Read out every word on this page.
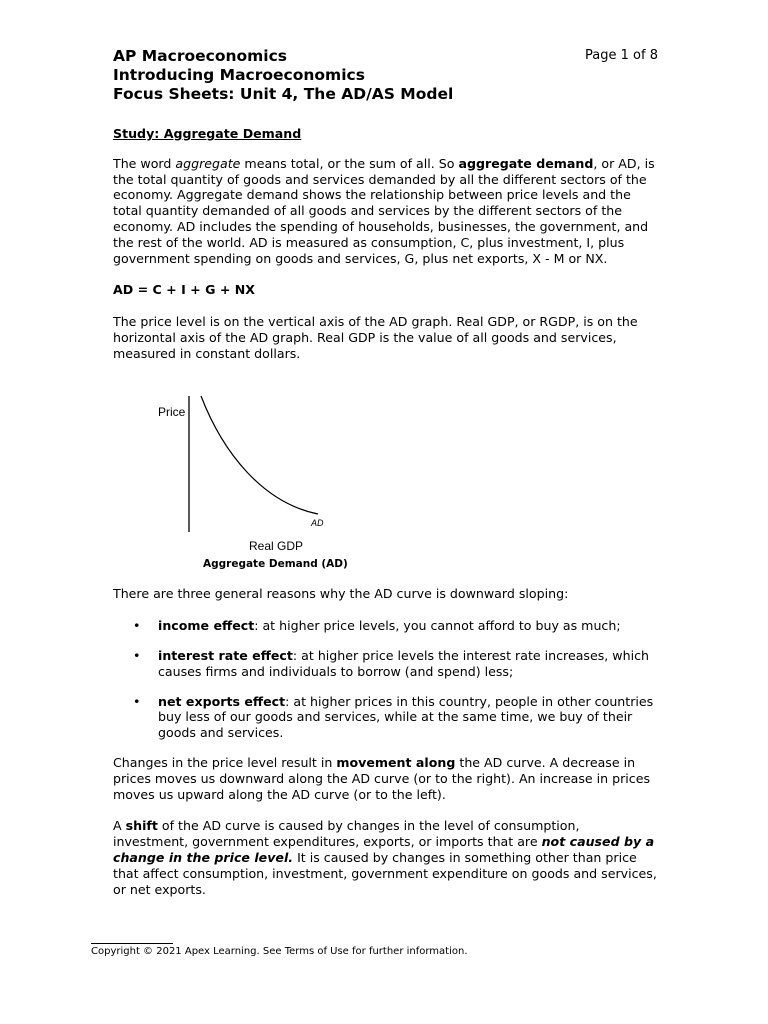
AP Macroeconomics
Introducing Macroeconomics
Focus Sheets: Unit 4, The AD/AS Model
Page 1 of 8
Study: Aggregate Demand

The word aggregate means total, or the sum of all. So aggregate demand, or AD, is the total quantity of goods and services demanded by all the different sectors of the economy. Aggregate demand shows the relationship between price levels and the total quantity demanded of all goods and services by the different sectors of the economy. AD includes the spending of households, businesses, the government, and the rest of the world. AD is measured as consumption, C, plus investment, I, plus government spending on goods and services, G, plus net exports, X - M or NX.

AD = C + I + G + NX

The price level is on the vertical axis of the AD graph. Real GDP, or RGDP, is on the horizontal axis of the AD graph. Real GDP is the value of all goods and services, measured in constant dollars.

Price
AD
Real GDP
Aggregate Demand (AD)

There are three general reasons why the AD curve is downward sloping:

• income effect: at higher price levels, you cannot afford to buy as much;
• interest rate effect: at higher price levels the interest rate increases, which causes firms and individuals to borrow (and spend) less;
• net exports effect: at higher prices in this country, people in other countries buy less of our goods and services, while at the same time, we buy of their goods and services.

Changes in the price level result in movement along the AD curve. A decrease in prices moves us downward along the AD curve (or to the right). An increase in prices moves us upward along the AD curve (or to the left).

A shift of the AD curve is caused by changes in the level of consumption, investment, government expenditures, exports, or imports that are not caused by a change in the price level. It is caused by changes in something other than price that affect consumption, investment, government expenditure on goods and services, or net exports.

Copyright © 2021 Apex Learning. See Terms of Use for further information.
